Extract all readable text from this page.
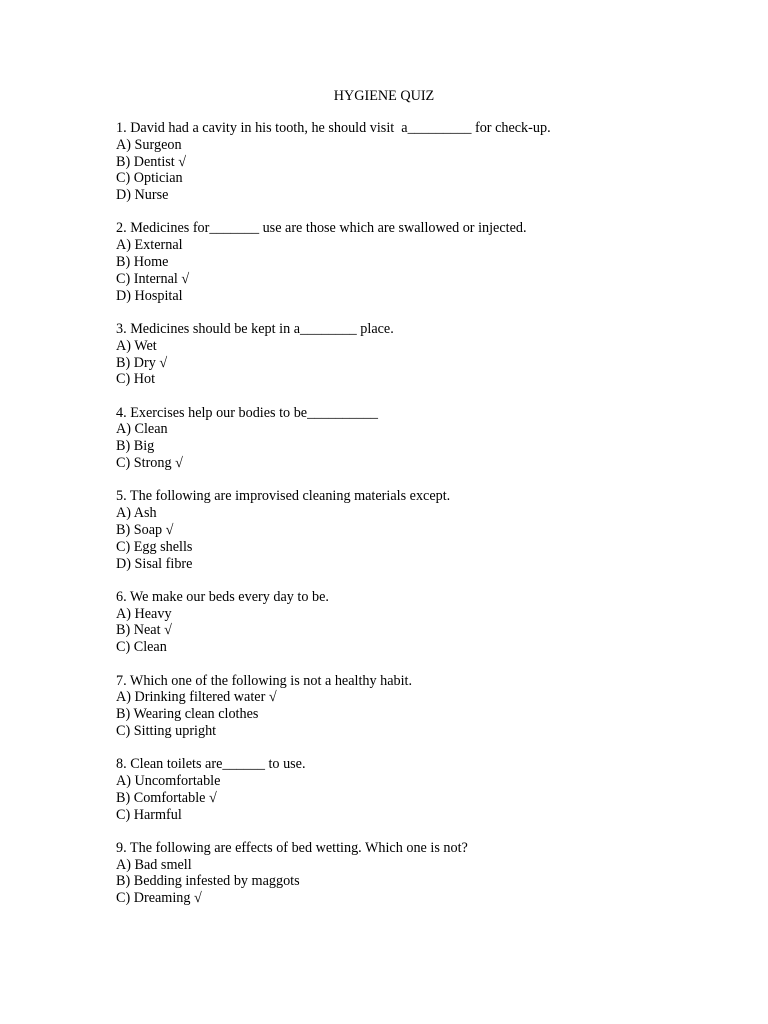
HYGIENE QUIZ
1. David had a cavity in his tooth, he should visit  a_________ for check-up.
A) Surgeon
B) Dentist √
C) Optician
D) Nurse
2. Medicines for_______ use are those which are swallowed or injected.
A) External
B) Home
C) Internal √
D) Hospital
3. Medicines should be kept in a________ place.
A) Wet
B) Dry √
C) Hot
4. Exercises help our bodies to be__________
A) Clean
B) Big
C) Strong √
5. The following are improvised cleaning materials except.
A) Ash
B) Soap √
C) Egg shells
D) Sisal fibre
6. We make our beds every day to be.
A) Heavy
B) Neat √
C) Clean
7. Which one of the following is not a healthy habit.
A) Drinking filtered water √
B) Wearing clean clothes
C) Sitting upright
8. Clean toilets are______ to use.
A) Uncomfortable
B) Comfortable √
C) Harmful
9. The following are effects of bed wetting. Which one is not?
A) Bad smell
B) Bedding infested by maggots
C) Dreaming √
